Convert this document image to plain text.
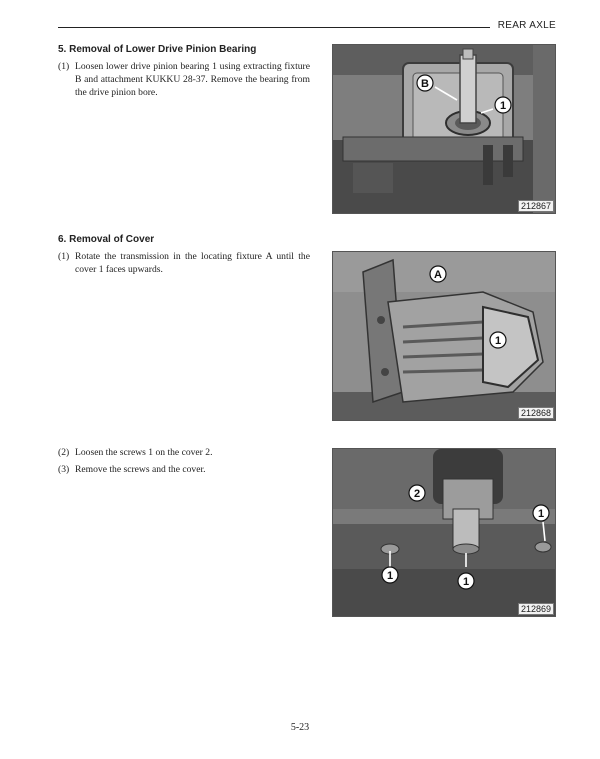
REAR AXLE
5. Removal of Lower Drive Pinion Bearing
(1) Loosen lower drive pinion bearing 1 using extracting fixture B and attachment KUKKU 28-37. Remove the bearing from the drive pinion bore.
B
1
212867
6. Removal of Cover
(1) Rotate the transmission in the locating fixture A until the cover 1 faces upwards.	A
1
212868
(2) Loosen the screws 1 on the cover 2.
(3) Remove the screws and the cover.
2
1	1
1
212869
5-23
